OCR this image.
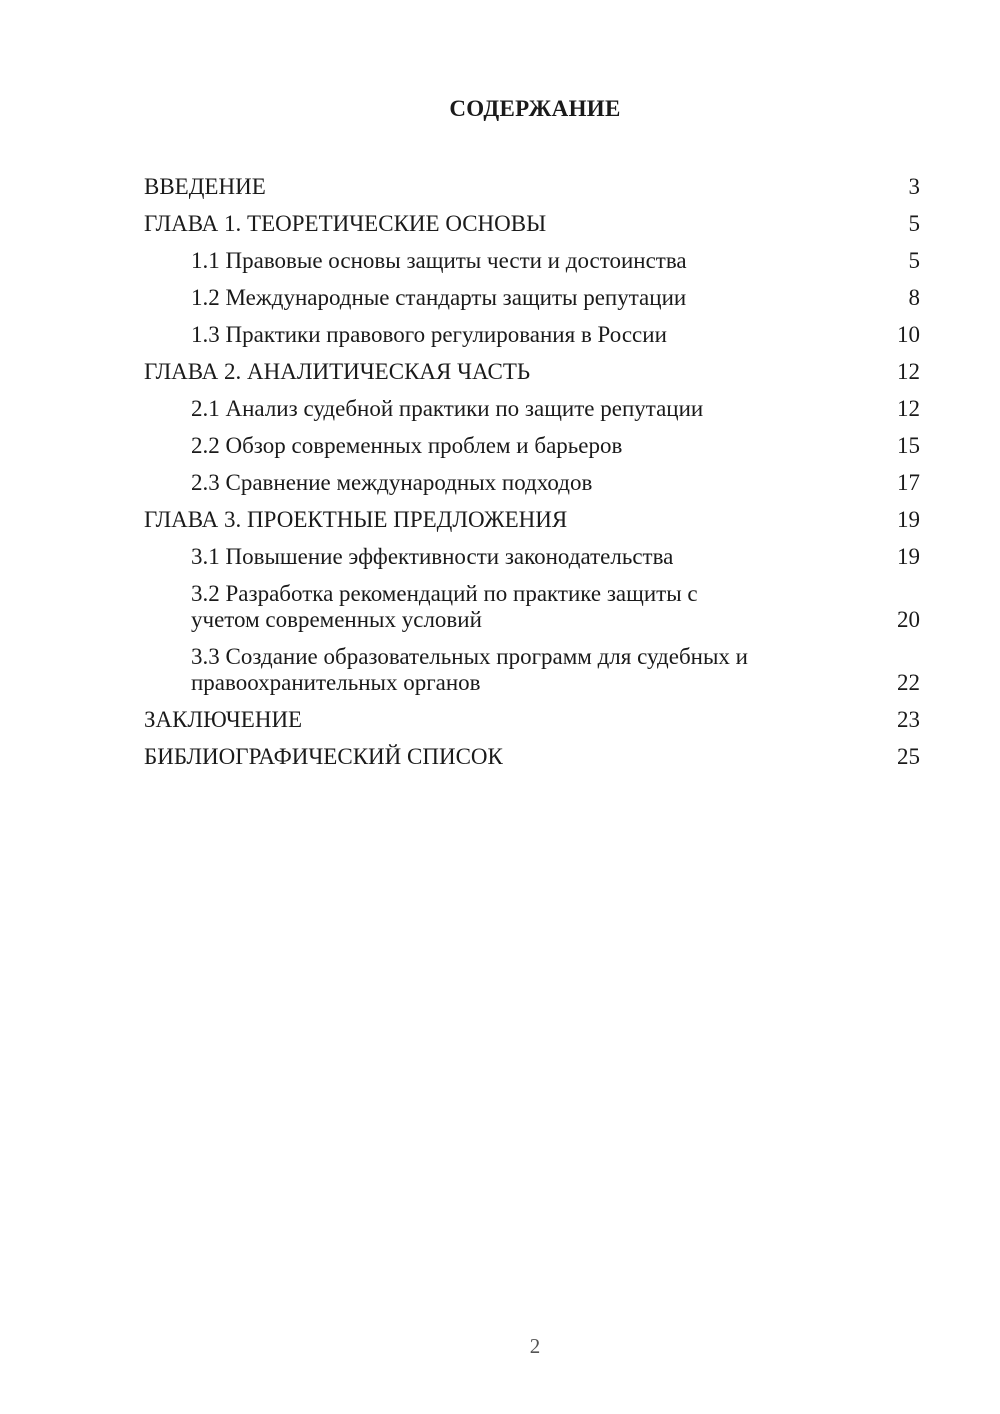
СОДЕРЖАНИЕ
ВВЕДЕНИЕ	3
ГЛАВА 1. ТЕОРЕТИЧЕСКИЕ ОСНОВЫ	5
1.1 Правовые основы защиты чести и достоинства	5
1.2 Международные стандарты защиты репутации	8
1.3 Практики правового регулирования в России	10
ГЛАВА 2. АНАЛИТИЧЕСКАЯ ЧАСТЬ	12
2.1 Анализ судебной практики по защите репутации	12
2.2 Обзор современных проблем и барьеров	15
2.3 Сравнение международных подходов	17
ГЛАВА 3. ПРОЕКТНЫЕ ПРЕДЛОЖЕНИЯ	19
3.1 Повышение эффективности законодательства	19
3.2 Разработка рекомендаций по практике защиты с учетом современных условий	20
3.3 Создание образовательных программ для судебных и правоохранительных органов	22
ЗАКЛЮЧЕНИЕ	23
БИБЛИОГРАФИЧЕСКИЙ СПИСОК	25
2
